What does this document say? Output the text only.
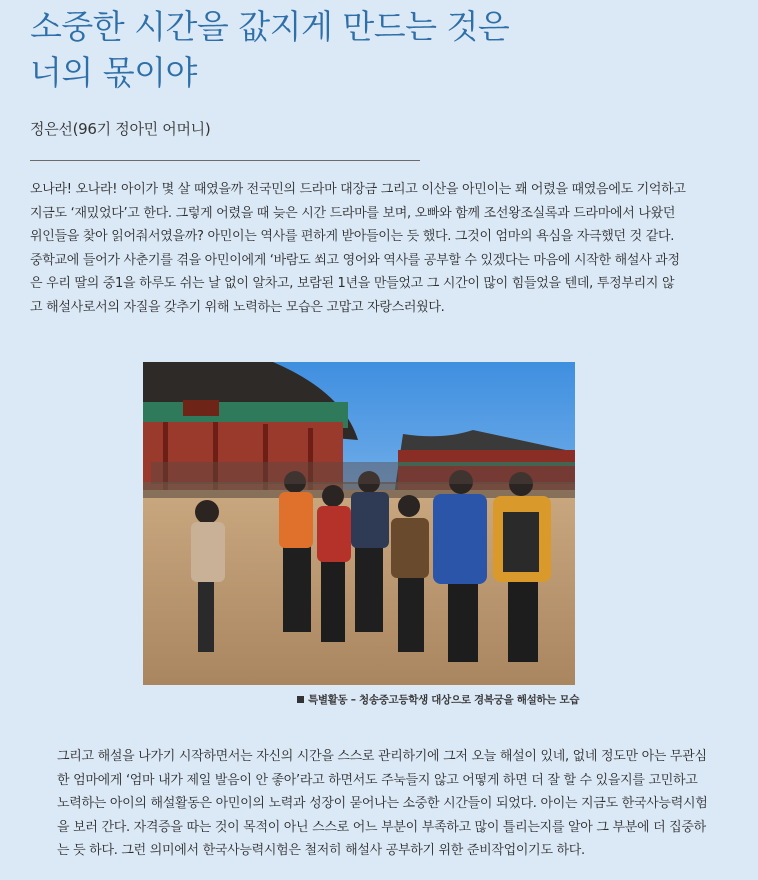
소중한 시간을 값지게 만드는 것은
너의 몫이야
정은선(96기 정아민 어머니)

오나라! 오나라! 아이가 몇 살 때였을까 전국민의 드라마 대장금 그리고 이산을 아민이는 꽤 어렸을 때였음에도 기억하고
지금도 ‘재밌었다’고 한다. 그렇게 어렸을 때 늦은 시간 드라마를 보며, 오빠와 함께 조선왕조실록과 드라마에서 나왔던
위인들을 찾아 읽어줘서였을까? 아민이는 역사를 편하게 받아들이는 듯 했다. 그것이 엄마의 욕심을 자극했던 것 같다.
중학교에 들어가 사춘기를 겪을 아민이에게 ‘바람도 쐬고 영어와 역사를 공부할 수 있겠다는 마음에 시작한 해설사 과정
은 우리 딸의 중1을 하루도 쉬는 날 없이 알차고, 보람된 1년을 만들었고 그 시간이 많이 힘들었을 텐데, 투정부리지 않
고 해설사로서의 자질을 갖추기 위해 노력하는 모습은 고맙고 자랑스러웠다.

특별활동 – 청송중고등학생 대상으로 경복궁을 해설하는 모습

그리고 해설을 나가기 시작하면서는 자신의 시간을 스스로 관리하기에 그저 오늘 해설이 있네, 없네 정도만 아는 무관심
한 엄마에게 ‘엄마 내가 제일 발음이 안 좋아’라고 하면서도 주눅들지 않고 어떻게 하면 더 잘 할 수 있을지를 고민하고
노력하는 아이의 해설활동은 아민이의 노력과 성장이 묻어나는 소중한 시간들이 되었다. 아이는 지금도 한국사능력시험
을 보러 간다. 자격증을 따는 것이 목적이 아닌 스스로 어느 부분이 부족하고 많이 틀리는지를 알아 그 부분에 더 집중하
는 듯 하다. 그런 의미에서 한국사능력시험은 철저히 해설사 공부하기 위한 준비작업이기도 하다.
